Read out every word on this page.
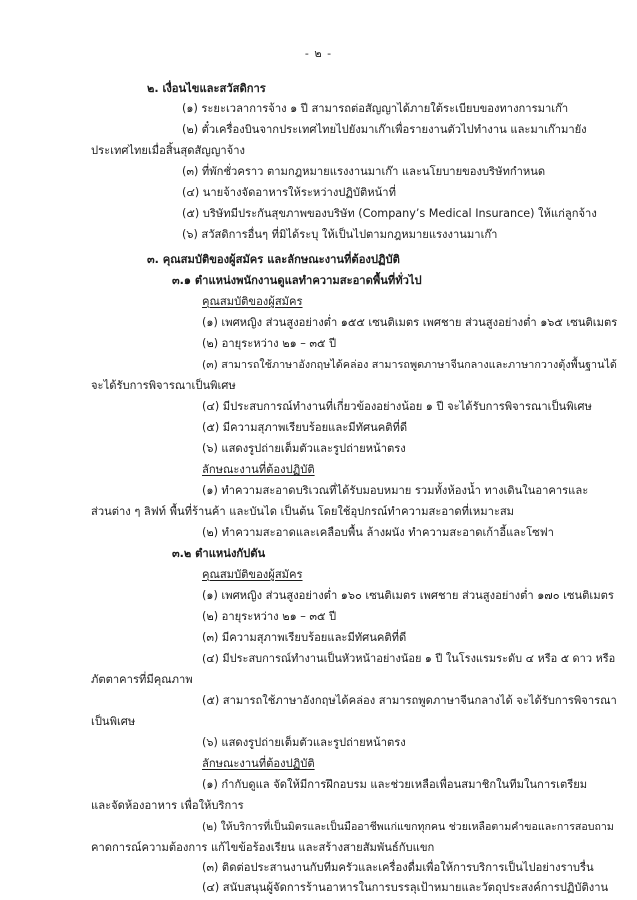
- ๒ -
๒. เงื่อนไขและสวัสดิการ
(๑) ระยะเวลาการจ้าง ๑ ปี สามารถต่อสัญญาได้ภายใต้ระเบียบของทางการมาเก๊า
(๒) ตั๋วเครื่องบินจากประเทศไทยไปยังมาเก๊าเพื่อรายงานตัวไปทำงาน และมาเก๊ามายัง
ประเทศไทยเมื่อสิ้นสุดสัญญาจ้าง
(๓) ที่พักชั่วคราว ตามกฎหมายแรงงานมาเก๊า และนโยบายของบริษัทกำหนด
(๔) นายจ้างจัดอาหารให้ระหว่างปฏิบัติหน้าที่
(๕) บริษัทมีประกันสุขภาพของบริษัท (Company’s Medical Insurance) ให้แก่ลูกจ้าง
(๖) สวัสดิการอื่นๆ ที่มิได้ระบุ ให้เป็นไปตามกฎหมายแรงงานมาเก๊า
๓. คุณสมบัติของผู้สมัคร และลักษณะงานที่ต้องปฏิบัติ
๓.๑ ตำแหน่งพนักงานดูแลทำความสะอาดพื้นที่ทั่วไป
คุณสมบัติของผู้สมัคร
(๑) เพศหญิง ส่วนสูงอย่างต่ำ ๑๕๕ เซนติเมตร เพศชาย ส่วนสูงอย่างต่ำ ๑๖๕ เซนติเมตร
(๒) อายุระหว่าง ๒๑ – ๓๕ ปี
(๓) สามารถใช้ภาษาอังกฤษได้คล่อง สามารถพูดภาษาจีนกลางและภาษากวางตุ้งพื้นฐานได้
จะได้รับการพิจารณาเป็นพิเศษ
(๔) มีประสบการณ์ทำงานที่เกี่ยวข้องอย่างน้อย ๑ ปี จะได้รับการพิจารณาเป็นพิเศษ
(๕) มีความสุภาพเรียบร้อยและมีทัศนคติที่ดี
(๖) แสดงรูปถ่ายเต็มตัวและรูปถ่ายหน้าตรง
ลักษณะงานที่ต้องปฏิบัติ
(๑) ทำความสะอาดบริเวณที่ได้รับมอบหมาย รวมทั้งห้องน้ำ ทางเดินในอาคารและ
ส่วนต่าง ๆ ลิฟท์ พื้นที่ร้านค้า และบันได เป็นต้น โดยใช้อุปกรณ์ทำความสะอาดที่เหมาะสม
(๒) ทำความสะอาดและเคลือบพื้น ล้างผนัง ทำความสะอาดเก้าอี้และโซฟา
๓.๒ ตำแหน่งกัปตัน
คุณสมบัติของผู้สมัคร
(๑) เพศหญิง ส่วนสูงอย่างต่ำ ๑๖๐ เซนติเมตร เพศชาย ส่วนสูงอย่างต่ำ ๑๗๐ เซนติเมตร
(๒) อายุระหว่าง ๒๑ – ๓๕ ปี
(๓) มีความสุภาพเรียบร้อยและมีทัศนคติที่ดี
(๔) มีประสบการณ์ทำงานเป็นหัวหน้าอย่างน้อย ๑ ปี ในโรงแรมระดับ ๔ หรือ ๕ ดาว หรือ
ภัตตาคารที่มีคุณภาพ
(๕) สามารถใช้ภาษาอังกฤษได้คล่อง สามารถพูดภาษาจีนกลางได้ จะได้รับการพิจารณา
เป็นพิเศษ
(๖) แสดงรูปถ่ายเต็มตัวและรูปถ่ายหน้าตรง
ลักษณะงานที่ต้องปฏิบัติ
(๑) กำกับดูแล จัดให้มีการฝึกอบรม และช่วยเหลือเพื่อนสมาชิกในทีมในการเตรียม
และจัดห้องอาหาร เพื่อให้บริการ
(๒) ให้บริการที่เป็นมิตรและเป็นมืออาชีพแก่แขกทุกคน ช่วยเหลือตามคำขอและการสอบถาม
คาดการณ์ความต้องการ แก้ไขข้อร้องเรียน และสร้างสายสัมพันธ์กับแขก
(๓) ติดต่อประสานงานกับทีมครัวและเครื่องดื่มเพื่อให้การบริการเป็นไปอย่างราบรื่น
(๔) สนับสนุนผู้จัดการร้านอาหารในการบรรลุเป้าหมายและวัตถุประสงค์การปฏิบัติงาน
